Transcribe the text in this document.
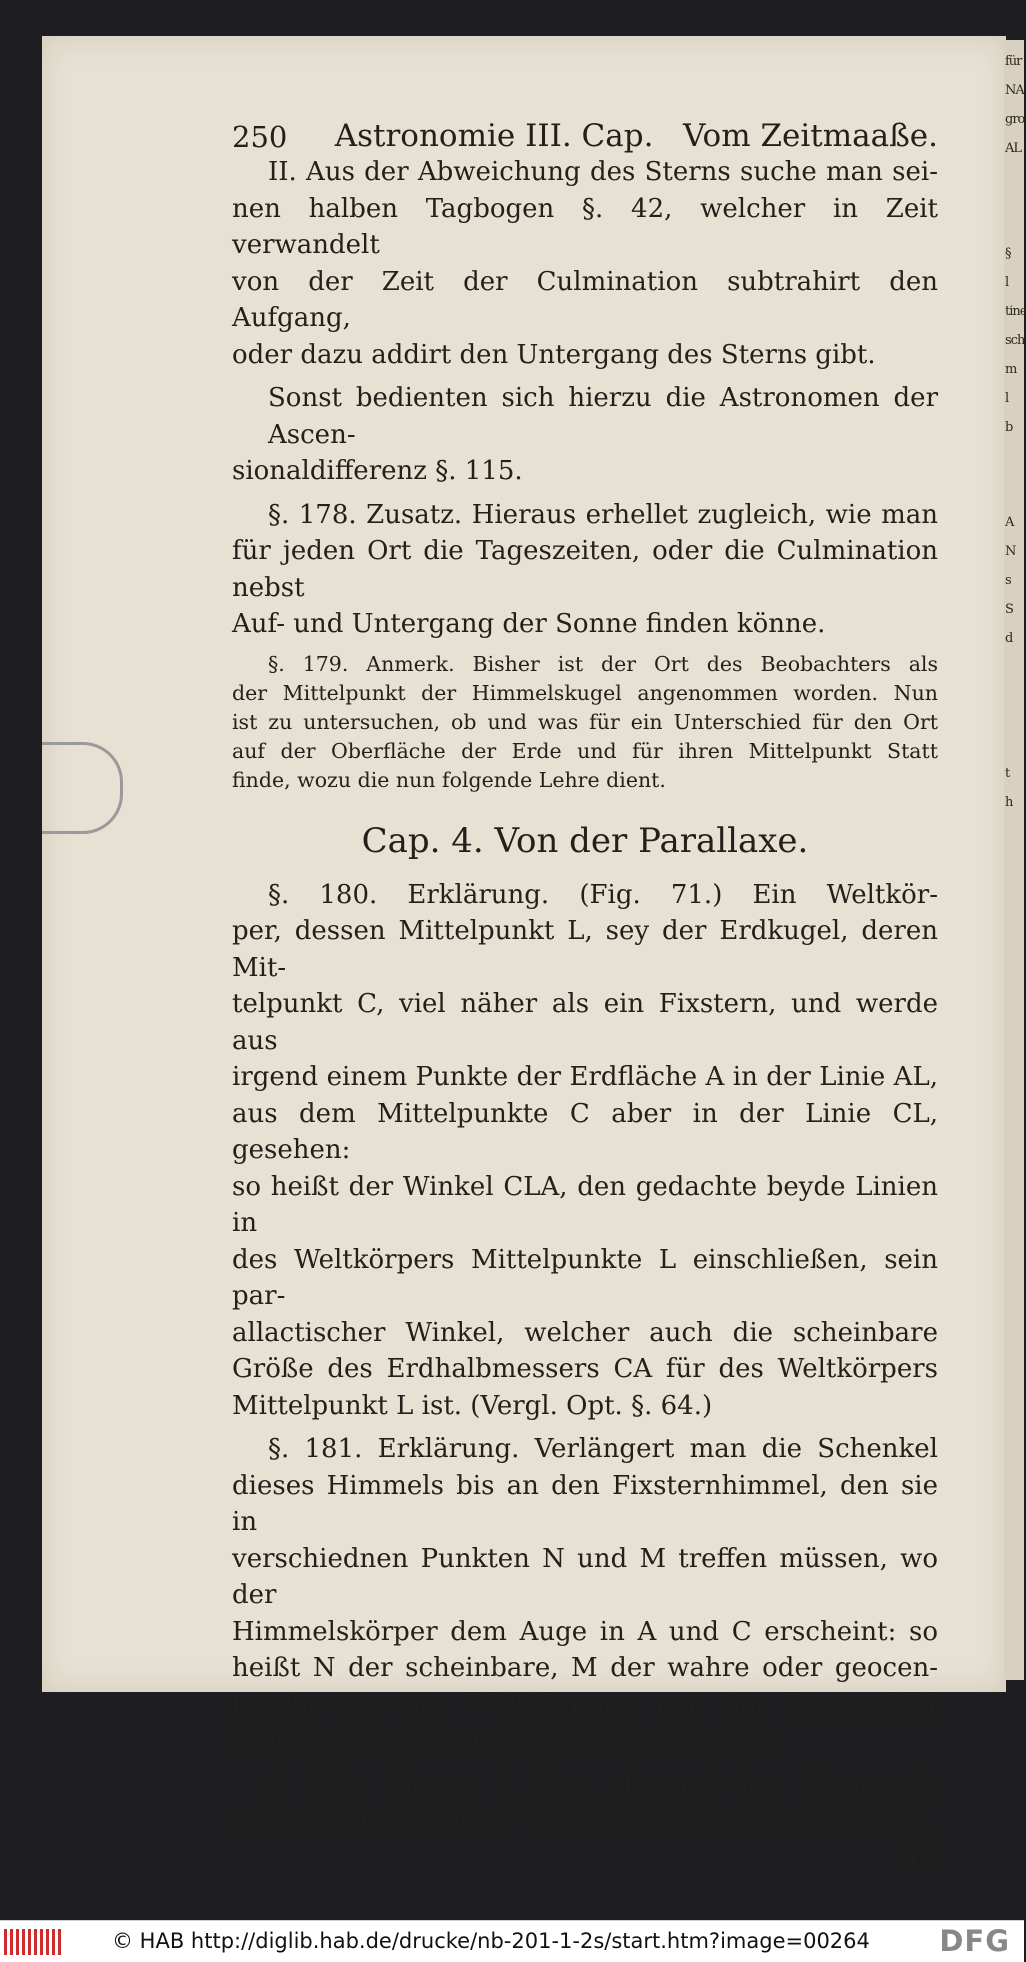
für
NA
gro
AL
§
l
tine
sch
m
l
b
A
N
s
S
d
t
h
250 Astronomie III. Cap.   Vom Zeitmaaße.

II. Aus der Abweichung des Sterns suche man sei-

nen halben Tagbogen §. 42, welcher in Zeit verwandelt

von der Zeit der Culmination subtrahirt den Aufgang,

oder dazu addirt den Untergang des Sterns gibt.

Sonst bedienten sich hierzu die Astronomen der Ascen-

sionaldifferenz §. 115.

§. 178. Zusatz. Hieraus erhellet zugleich, wie man

für jeden Ort die Tageszeiten, oder die Culmination nebst

Auf- und Untergang der Sonne finden könne.

§. 179. Anmerk. Bisher ist der Ort des Beobachters als

der Mittelpunkt der Himmelskugel angenommen worden. Nun

ist zu untersuchen, ob und was für ein Unterschied für den Ort

auf der Oberfläche der Erde und für ihren Mittelpunkt Statt

finde, wozu die nun folgende Lehre dient.

Cap. 4. Von der Parallaxe.

§. 180. Erklärung. (Fig. 71.) Ein Weltkör-

per, dessen Mittelpunkt L, sey der Erdkugel, deren Mit-

telpunkt C, viel näher als ein Fixstern, und werde aus

irgend einem Punkte der Erdfläche A in der Linie AL,

aus dem Mittelpunkte C aber in der Linie CL, gesehen:

so heißt der Winkel CLA, den gedachte beyde Linien in

des Weltkörpers Mittelpunkte L einschließen, sein par-

allactischer Winkel, welcher auch die scheinbare

Größe des Erdhalbmessers CA für des Weltkörpers

Mittelpunkt L ist. (Vergl. Opt. §. 64.)

§. 181. Erklärung. Verlängert man die Schenkel

dieses Himmels bis an den Fixsternhimmel, den sie in

verschiednen Punkten N und M treffen müssen, wo der

Himmelskörper dem Auge in A und C erscheint: so

heißt N der scheinbare, M der wahre oder geocen-

trische Ort des Weltkörpers, und der Bogen NM

zwischen diesen Punkten seine Parallaxe.

§. 182. Zusatz 1. Der Abstand des Körpers L

vom Scheitel Z ist für das Auge in A der Winkel NAZ,

für
© HAB http://diglib.hab.de/drucke/nb-201-1-2s/start.htm?image=00264 DFG
